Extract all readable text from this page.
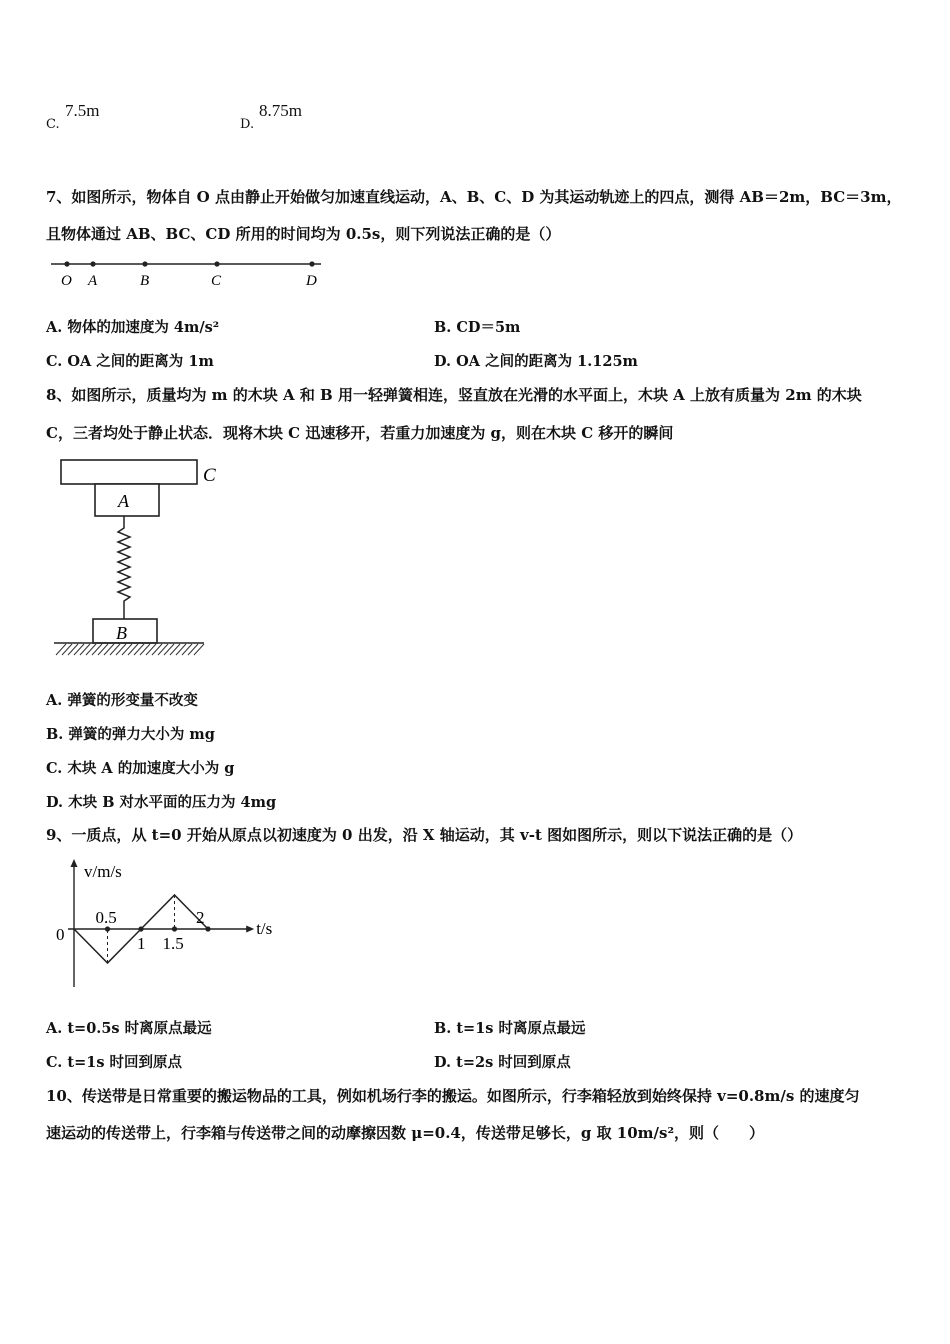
C.
7.5m
D.
8.75m
7、如图所示，物体自 O 点由静止开始做匀加速直线运动，A、B、C、D 为其运动轨迹上的四点，测得 AB＝2m，BC＝3m，
且物体通过 AB、BC、CD 所用的时间均为 0.5s，则下列说法正确的是（）
O A	B	C	D
A. 物体的加速度为 4m/s²	B. CD＝5m
C. OA 之间的距离为 1m	D. OA 之间的距离为 1.125m
8、如图所示，质量均为 m 的木块 A 和 B 用一轻弹簧相连，竖直放在光滑的水平面上，木块 A 上放有质量为 2m 的木块
C，三者均处于静止状态．现将木块 C 迅速移开，若重力加速度为 g，则在木块 C 移开的瞬间
C
A
B
A. 弹簧的形变量不改变
B. 弹簧的弹力大小为 mg
C. 木块 A 的加速度大小为 g
D. 木块 B 对水平面的压力为 4mg
9、一质点，从 t=0 开始从原点以初速度为 0 出发，沿 X 轴运动，其 v-t 图如图所示，则以下说法正确的是（）
v/m/s
t/s
0
0.5
1 1.5
2
A. t=0.5s 时离原点最远	B. t=1s 时离原点最远
C. t=1s 时回到原点	D. t=2s 时回到原点
10、传送带是日常重要的搬运物品的工具，例如机场行李的搬运。如图所示，行李箱轻放到始终保持 v=0.8m/s 的速度匀
速运动的传送带上，行李箱与传送带之间的动摩擦因数 μ=0.4，传送带足够长，g 取 10m/s²，则（　　）
